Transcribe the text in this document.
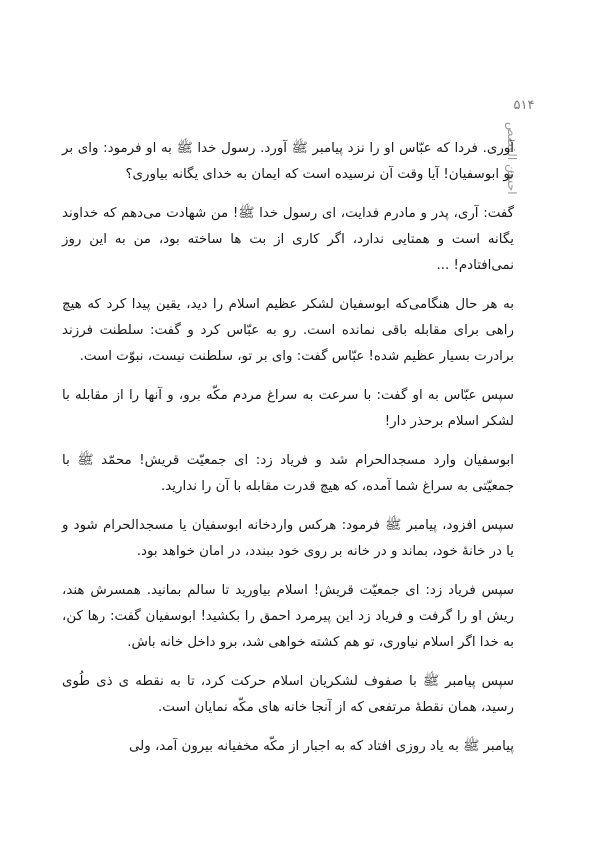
۵۱۴
احسن القصص

آوری. فردا که عبّاس او را نزد پیامبر ﷺ آورد. رسول خدا ﷺ به او فرمود: وای بر تو ابوسفیان! آیا وقت آن نرسیده است که ایمان به خدای یگانه بیاوری؟

گفت: آری، پدر و مادرم فدایت، ای رسول خدا ﷺ! من شهادت می‌دهم که خداوند یگانه است و همتایی ندارد، اگر کاری از بت ها ساخته بود، من به این روز نمی‌افتادم! ...

به هر حال هنگامی‌که ابوسفیان لشکر عظیم اسلام را دید، یقین پیدا کرد که هیچ راهی برای مقابله باقی نمانده است. رو به عبّاس کرد و گفت: سلطنت فرزند برادرت بسیار عظیم شده! عبّاس گفت: وای بر تو، سلطنت نیست، نبوّت است.

سپس عبّاس به او گفت: با سرعت به سراغ مردم مکّه برو، و آنها را از مقابله با لشکر اسلام برحذر دار!

ابوسفیان وارد مسجدالحرام شد و فریاد زد: ای جمعیّت قریش! محمّد ﷺ با جمعیّتی به سراغ شما آمده، که هیچ قدرت مقابله با آن را ندارید.

سپس افزود، پیامبر ﷺ فرمود: هرکس واردخانه ابوسفیان یا مسجدالحرام شود و یا در خانهٔ خود، بماند و در خانه بر روی خود ببندد، در امان خواهد بود.

سپس فریاد زد: ای جمعیّت قریش! اسلام بیاورید تا سالم بمانید. همسرش هند، ریش او را گرفت و فریاد زد این پیرمرد احمق را بکشید! ابوسفیان گفت: رها کن، به خدا اگر اسلام نیاوری، تو هم کشته خواهی شد، برو داخل خانه باش.

سپس پیامبر ﷺ با صفوف لشکریان اسلام حرکت کرد، تا به نقطه ی ذی طُوی رسید، همان نقطهٔ مرتفعی که از آنجا خانه های مکّه نمایان است.

پیامبر ﷺ به یاد روزی افتاد که به اجبار از مکّه مخفیانه بیرون آمد، ولی
